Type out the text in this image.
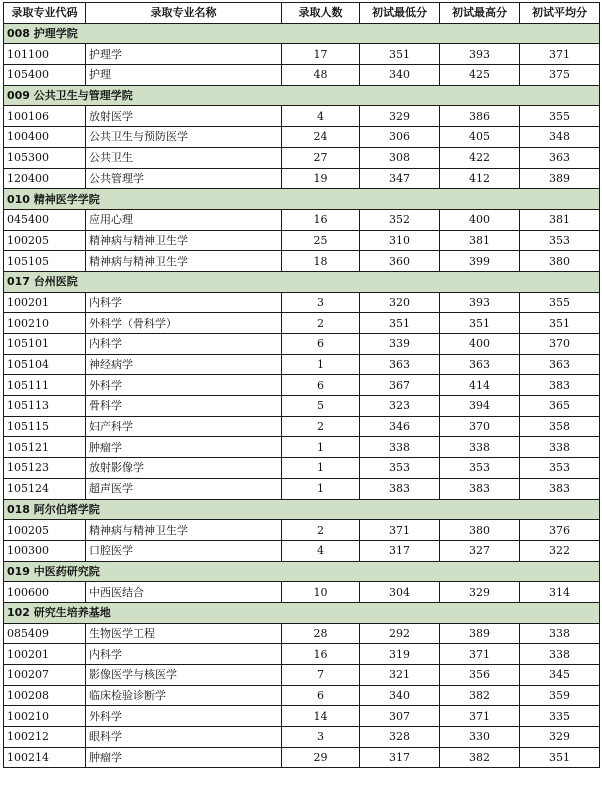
录取专业代码	录取专业名称	录取人数	初试最低分	初试最高分	初试平均分
008 护理学院					
101100	护理学	17	351	393	371
105400	护理	48	340	425	375
009 公共卫生与管理学院					
100106	放射医学	4	329	386	355
100400	公共卫生与预防医学	24	306	405	348
105300	公共卫生	27	308	422	363
120400	公共管理学	19	347	412	389
010 精神医学学院					
045400	应用心理	16	352	400	381
100205	精神病与精神卫生学	25	310	381	353
105105	精神病与精神卫生学	18	360	399	380
017 台州医院					
100201	内科学	3	320	393	355
100210	外科学（骨科学）	2	351	351	351
105101	内科学	6	339	400	370
105104	神经病学	1	363	363	363
105111	外科学	6	367	414	383
105113	骨科学	5	323	394	365
105115	妇产科学	2	346	370	358
105121	肿瘤学	1	338	338	338
105123	放射影像学	1	353	353	353
105124	超声医学	1	383	383	383
018 阿尔伯塔学院					
100205	精神病与精神卫生学	2	371	380	376
100300	口腔医学	4	317	327	322
019 中医药研究院					
100600	中西医结合	10	304	329	314
102 研究生培养基地					
085409	生物医学工程	28	292	389	338
100201	内科学	16	319	371	338
100207	影像医学与核医学	7	321	356	345
100208	临床检验诊断学	6	340	382	359
100210	外科学	14	307	371	335
100212	眼科学	3	328	330	329
100214	肿瘤学	29	317	382	351
